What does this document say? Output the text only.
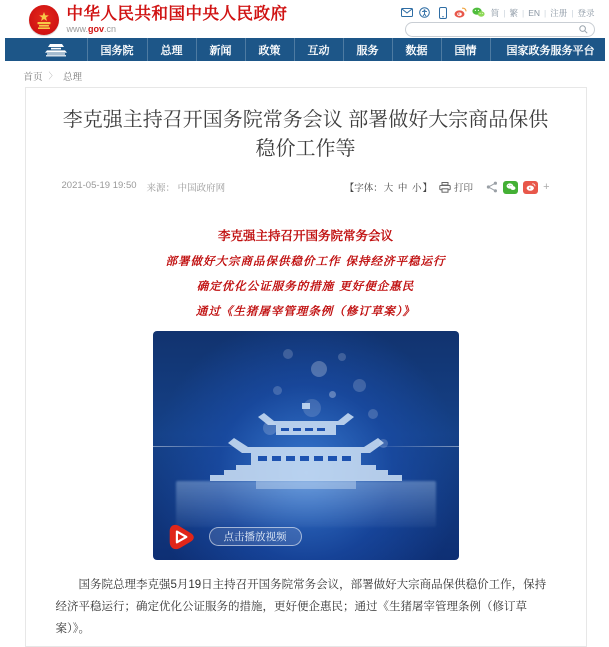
中华人民共和国中央人民政府
www.gov.cn
简 | 繁 | EN | 注册 | 登录
国务院	总理	新闻	政策	互动	服务	数据	国情	国家政务服务平台
首页 〉 总理
李克强主持召开国务院常务会议 部署做好大宗商品保供稳价工作等
2021-05-19 19:50 来源： 中国政府网	【字体：大 中 小】 打印	+
李克强主持召开国务院常务会议
部署做好大宗商品保供稳价工作 保持经济平稳运行
确定优化公证服务的措施 更好便企惠民
通过《生猪屠宰管理条例（修订草案）》
点击播放视频

国务院总理李克强5月19日主持召开国务院常务会议，部署做好大宗商品保供稳价工作，保持经济平稳运行；确定优化公证服务的措施，更好便企惠民；通过《生猪屠宰管理条例（修订草案）》。
